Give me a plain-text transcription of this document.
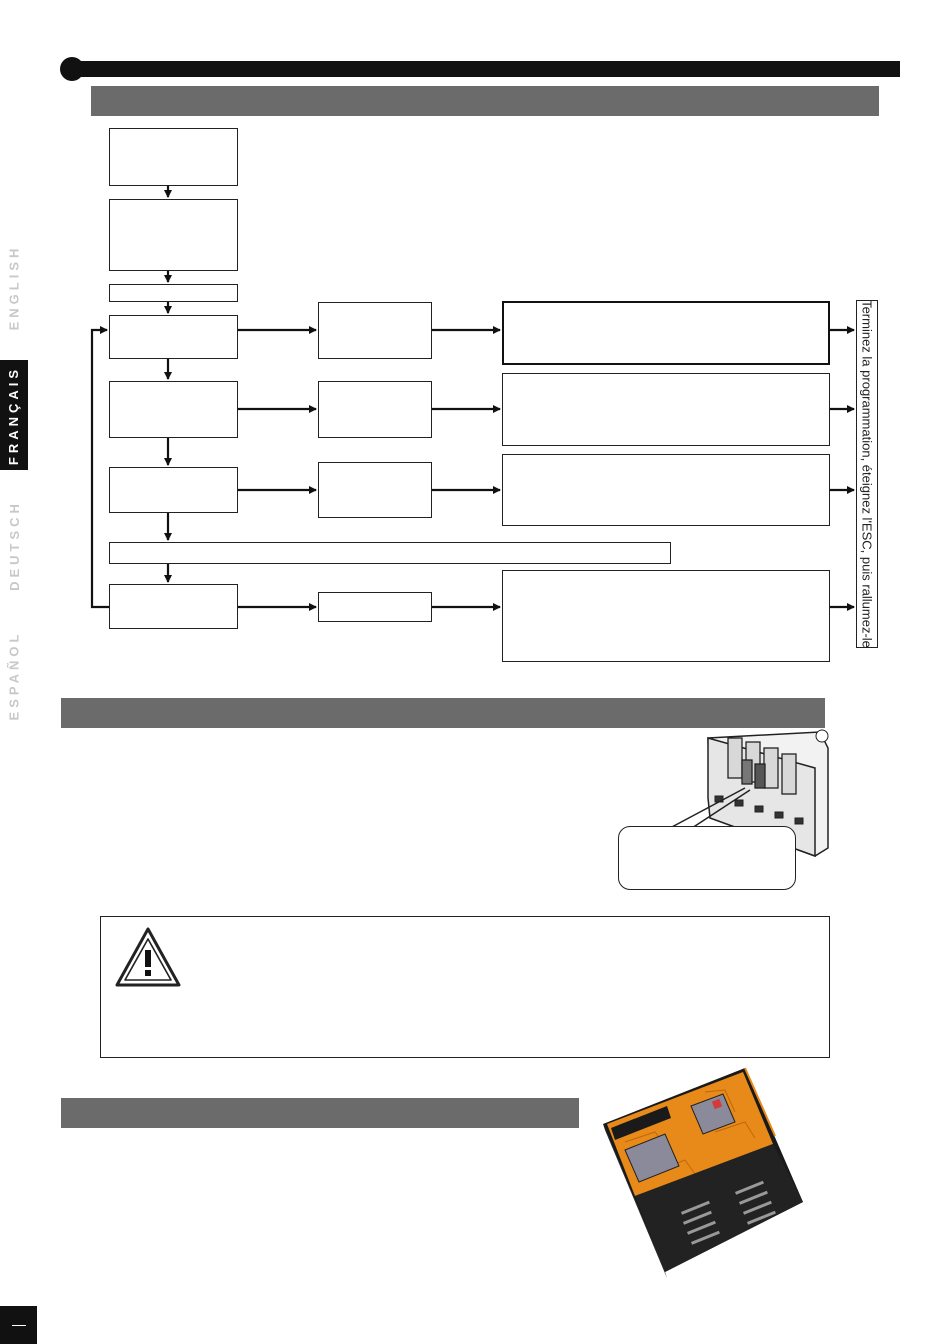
ENGLISH
FRANÇAIS
DEUTSCH
ESPAÑOL
Terminez la programmation, éteignez l'ESC, puis rallumez-le
